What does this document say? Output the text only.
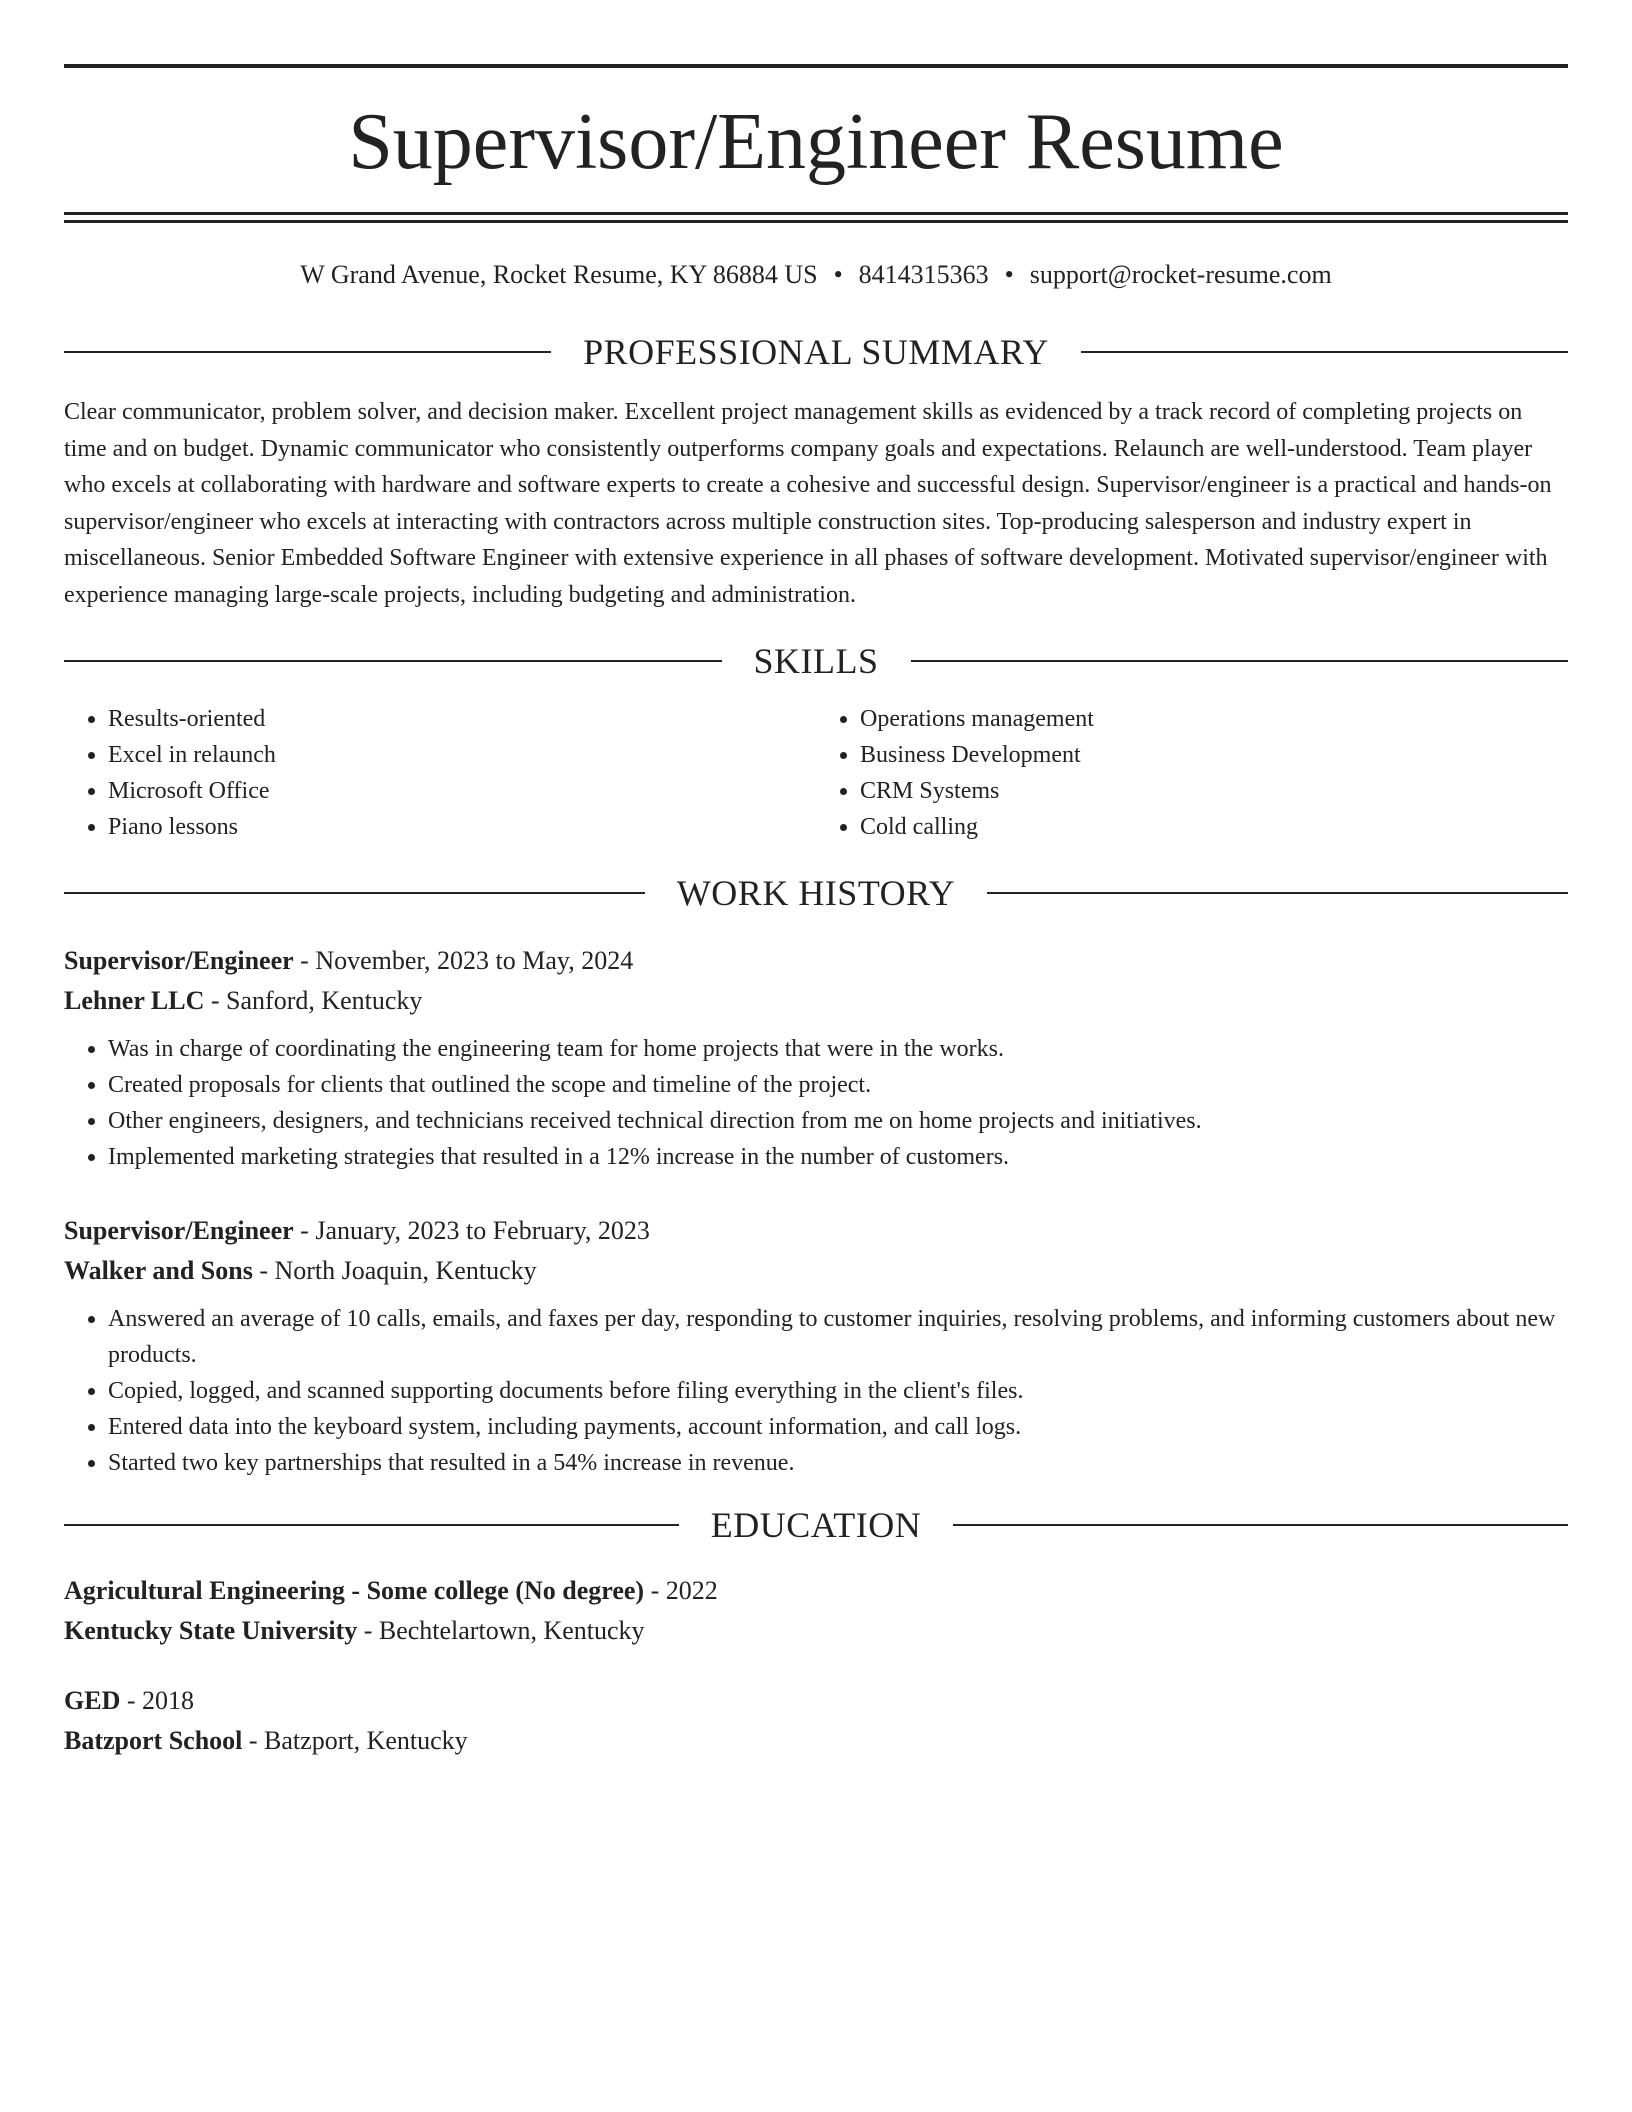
Supervisor/Engineer Resume
W Grand Avenue, Rocket Resume, KY 86884 US • 8414315363 • support@rocket-resume.com
PROFESSIONAL SUMMARY

Clear communicator, problem solver, and decision maker. Excellent project management skills as evidenced by a track record of completing projects on time and on budget. Dynamic communicator who consistently outperforms company goals and expectations. Relaunch are well-understood. Team player who excels at collaborating with hardware and software experts to create a cohesive and successful design. Supervisor/engineer is a practical and hands-on supervisor/engineer who excels at interacting with contractors across multiple construction sites. Top-producing salesperson and industry expert in miscellaneous. Senior Embedded Software Engineer with extensive experience in all phases of software development. Motivated supervisor/engineer with experience managing large-scale projects, including budgeting and administration.

SKILLS
• Results-oriented
• Excel in relaunch
• Microsoft Office
• Piano lessons
• Operations management
• Business Development
• CRM Systems
• Cold calling
WORK HISTORY
Supervisor/Engineer - November, 2023 to May, 2024
Lehner LLC - Sanford, Kentucky
• Was in charge of coordinating the engineering team for home projects that were in the works.
• Created proposals for clients that outlined the scope and timeline of the project.
• Other engineers, designers, and technicians received technical direction from me on home projects and initiatives.
• Implemented marketing strategies that resulted in a 12% increase in the number of customers.
Supervisor/Engineer - January, 2023 to February, 2023
Walker and Sons - North Joaquin, Kentucky
• Answered an average of 10 calls, emails, and faxes per day, responding to customer inquiries, resolving problems, and informing customers about new products.
• Copied, logged, and scanned supporting documents before filing everything in the client's files.
• Entered data into the keyboard system, including payments, account information, and call logs.
• Started two key partnerships that resulted in a 54% increase in revenue.
EDUCATION
Agricultural Engineering - Some college (No degree) - 2022
Kentucky State University - Bechtelartown, Kentucky
GED - 2018
Batzport School - Batzport, Kentucky
